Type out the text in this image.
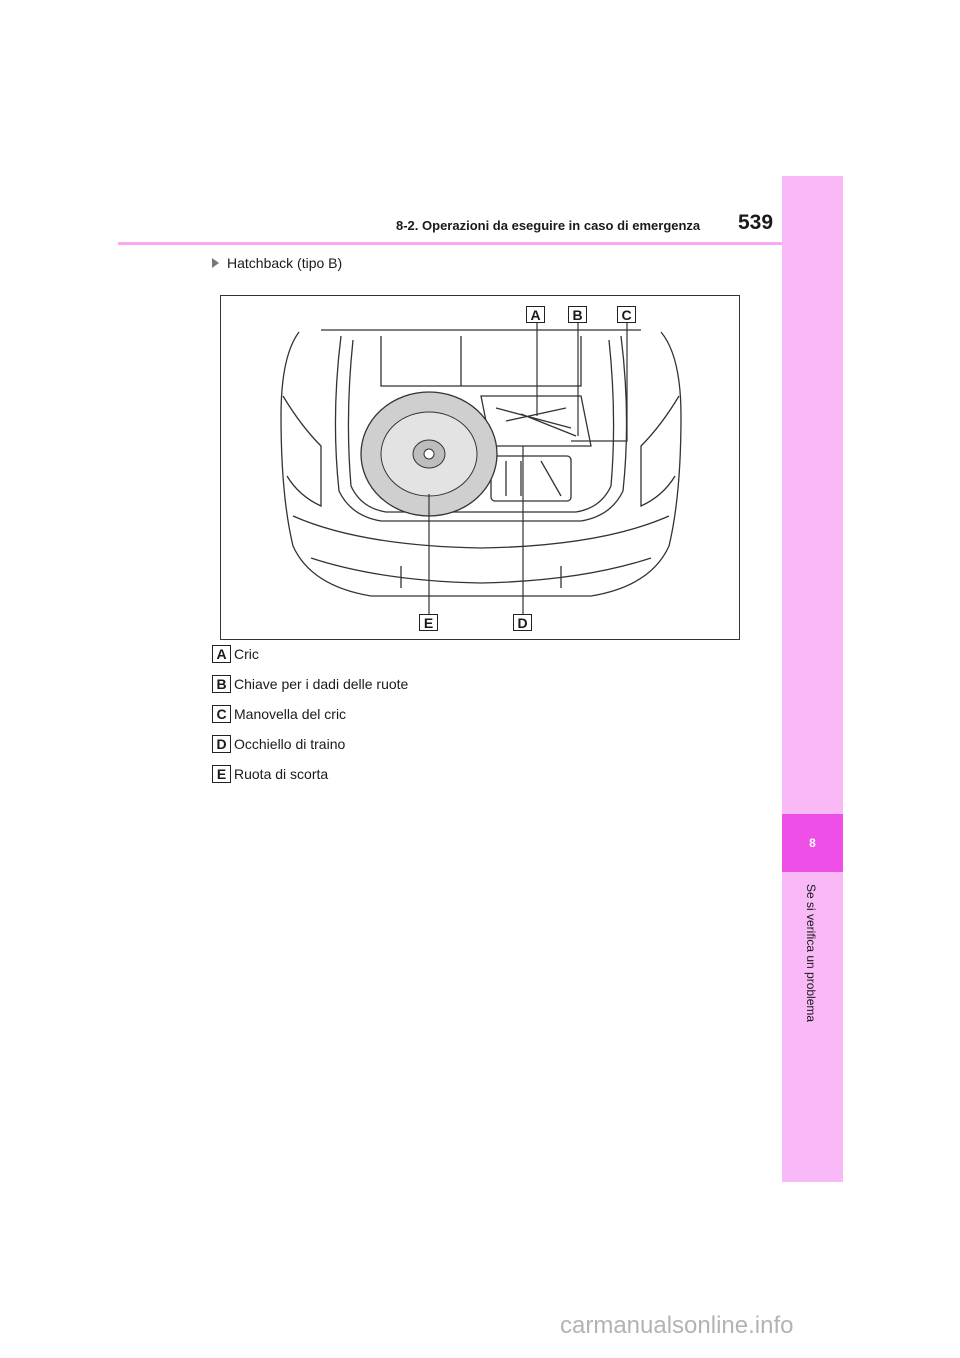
8
Se si verifica un problema
8-2. Operazioni da eseguire in caso di emergenza 539
Hatchback (tipo B)
A	B	C
D
E
A Cric
B Chiave per i dadi delle ruote
C Manovella del cric
D Occhiello di traino
E Ruota di scorta
carmanualsonline.info
